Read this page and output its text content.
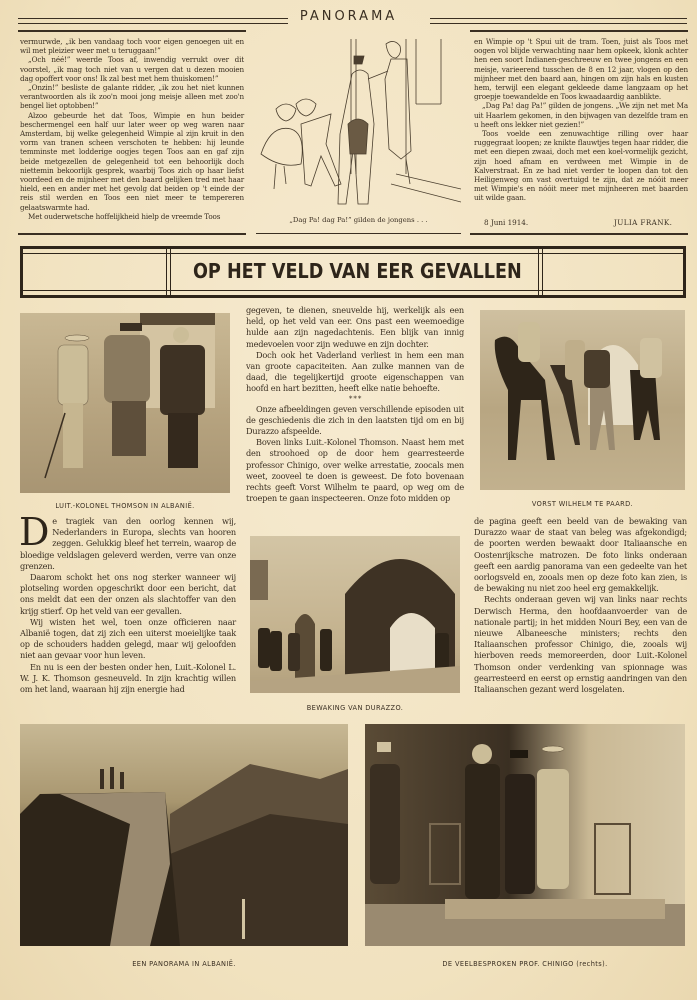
PANORAMA

vermurwde, „ik ben vandaag toch voor eigen genoegen uit en wil met pleizier weer met u teruggaan!”

„Och néé!” weerde Toos af, inwendig verrukt over dit voorstel, „ik mag toch niet van u vergen dat u dezen mooien dag opoffert voor ons! Ik zal best met hem thuiskomen!”

„Onzin!” besliste de galante ridder, „ik zou het niet kunnen verantwoorden als ik zoo'n mooi jong meisje alleen met zoo'n bengel liet optobben!”

Alzoo gebeurde het dat Toos, Wimpie en hun beider beschermengel een half uur later weer op weg waren naar Amsterdam, bij welke gelegenheid Wimpie al zijn kruit in den vorm van tranen scheen verschoten te hebben: hij leunde temminste met lodderige oogjes tegen Toos aan en gaf zijn beide metgezellen de gelegenheid tot een behoorlijk doch niettemin bekoorlijk gesprek, waarbij Toos zich op haar liefst voordeed en de mijnheer met den baard gelijken tred met haar hield, een en ander met het gevolg dat beiden op 't einde der reis stil werden en Toos een niet meer te tempereren gelaatswarmte had.

Met ouderwetsche hoffelijkheid hielp de vreemde Toos	„Dag Pa! dag Pa!” gilden de jongens . . .

en Wimpie op 't Spui uit de tram. Toen, juist als Toos met oogen vol blijde verwachting naar hem opkeek, klonk achter hen een soort Indianen-geschreeuw en twee jongens en een meisje, varieerend tusschen de 8 en 12 jaar, vlogen op den mijnheer met den baard aan, hingen om zijn hals en kusten hem, terwijl een elegant gekleede dame langzaam op het groepje toewandelde en Toos kwaadaardig aanblikte.

„Dag Pa! dag Pa!” gilden de jongens. „We zijn net met Ma uit Haarlem gekomen, in den bijwagen van dezelfde tram en u heeft ons lekker niet gezien!”

Toos voelde een zenuwachtige rilling over haar ruggegraat loopen; ze knikte flauwtjes tegen haar ridder, die met een diepen zwaai, doch met een koel-vormelijk gezicht, zijn hoed afnam en verdween met Wimpie in de Kalverstraat. En ze had niet verder te loopen dan tot den Heiligenweg om vast overtuigd te zijn, dat ze nóóit meer met Wimpie's en nóóit meer met mijnheeren met baarden uit wilde gaan.

8 Juni 1914.	JULIA FRANK.
OP HET VELD VAN EER GEVALLEN
LUIT.-KOLONEL THOMSON IN ALBANIË.	VORST WILHELM TE PAARD.

De tragiek van den oorlog kennen wij, Nederlanders in Europa, slechts van hooren zeggen. Gelukkig bleef het terrein, waarop de bloedige veldslagen geleverd werden, verre van onze grenzen.

Daarom schokt het ons nog sterker wanneer wij plotseling worden opgeschrikt door een bericht, dat ons meldt dat een der onzen als slachtoffer van den krijg stierf. Op het veld van eer gevallen.

Wij wisten het wel, toen onze officieren naar Albanië togen, dat zij zich een uiterst moeielijke taak op de schouders hadden gelegd, maar wij geloofden niet aan gevaar voor hun leven.

En nu is een der besten onder hen, Luit.-Kolonel L. W. J. K. Thomson gesneuveld. In zijn krachtig willen om het land, waaraan hij zijn energie had

gegeven, te dienen, sneuvelde hij, werkelijk als een held, op het veld van eer. Ons past een weemoedige hulde aan zijn nagedachtenis. Een blijk van innig medevoelen voor zijn weduwe en zijn dochter.

Doch ook het Vaderland verliest in hem een man van groote capaciteiten. Aan zulke mannen van de daad, die tegelijkertijd groote eigenschappen van hoofd en hart bezitten, heeft elke natie behoefte.

* * *

Onze afbeeldingen geven verschillende episoden uit de geschiedenis die zich in den laatsten tijd om en bij Durazzo afspeelde.

Boven links Luit.-Kolonel Thomson. Naast hem met den stroohoed op de door hem gearresteerde professor Chinigo, over welke arrestatie, zoocals men weet, zooveel te doen is geweest. De foto bovenaan rechts geeft Vorst Wilhelm te paard, op weg om de troepen te gaan inspecteeren. Onze foto midden op

BEWAKING VAN DURAZZO.

de pagina geeft een beeld van de bewaking van Durazzo waar de staat van beleg was afgekondigd; de poorten werden bewaakt door Italiaansche en Oostenrijksche matrozen. De foto links onderaan geeft een aardig panorama van een gedeelte van het oorlogsveld en, zooals men op deze foto kan zien, is de bewaking nu niet zoo heel erg gemakkelijk.

Rechts onderaan geven wij van links naar rechts Derwisch Herma, den hoofdaanvoerder van de nationale partij; in het midden Nouri Bey, een van de nieuwe Albaneesche ministers; rechts den Italiaanschen professor Chinigo, die, zooals wij hierboven reeds memoreerden, door Luit.-Kolonel Thomson onder verdenking van spionnage was gearresteerd en eerst op ernstig aandringen van den Italiaanschen gezant werd losgelaten.

EEN PANORAMA IN ALBANIË.	DE VEELBESPROKEN PROF. CHINIGO (rechts).
